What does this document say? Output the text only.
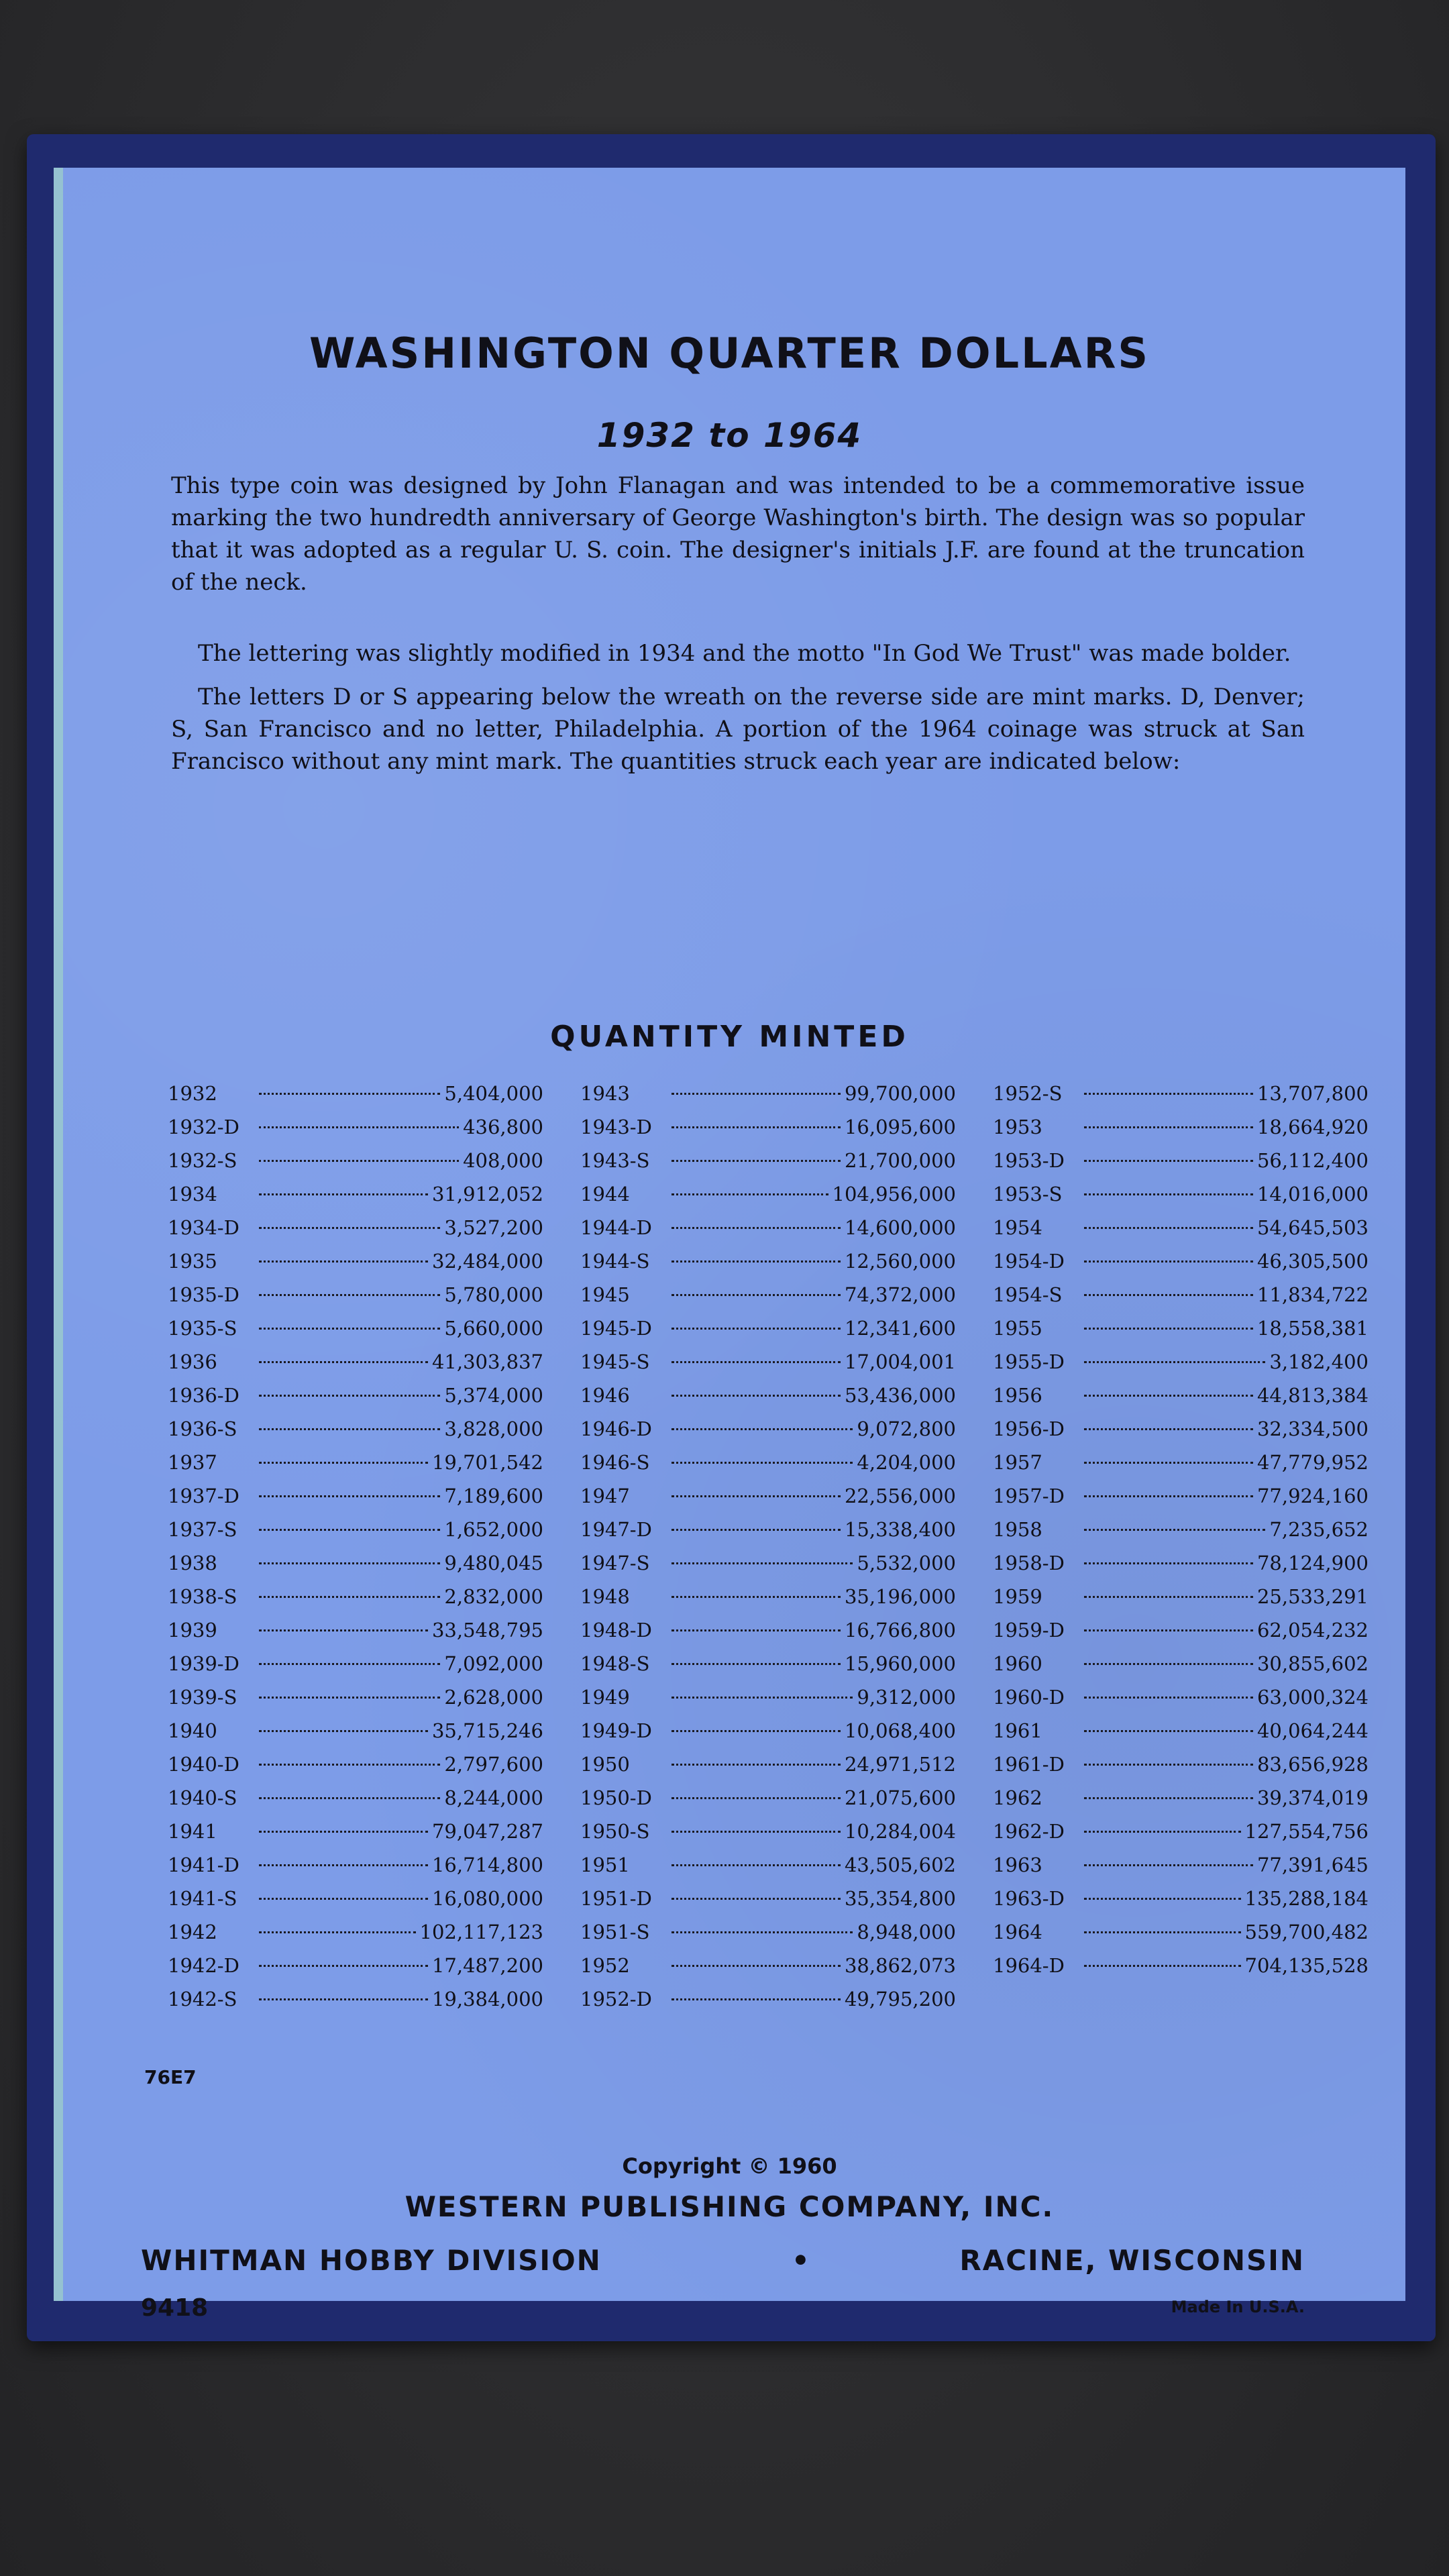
WASHINGTON QUARTER DOLLARS
1932 to 1964

This type coin was designed by John Flanagan and was intended to be a commemorative issue marking the two hundredth anniversary of George Washington's birth. The design was so popular that it was adopted as a regular U. S. coin. The designer's initials J.F. are found at the truncation of the neck.

The lettering was slightly modified in 1934 and the motto "In God We Trust" was made bolder.

The letters D or S appearing below the wreath on the reverse side are mint marks. D, Denver; S, San Francisco and no letter, Philadelphia. A portion of the 1964 coinage was struck at San Francisco without any mint mark. The quantities struck each year are indicated below:

QUANTITY MINTED
1932	5,404,000
1932-D	436,800
1932-S	408,000
1934	31,912,052
1934-D	3,527,200
1935	32,484,000
1935-D	5,780,000
1935-S	5,660,000
1936	41,303,837
1936-D	5,374,000
1936-S	3,828,000
1937	19,701,542
1937-D	7,189,600
1937-S	1,652,000
1938	9,480,045
1938-S	2,832,000
1939	33,548,795
1939-D	7,092,000
1939-S	2,628,000
1940	35,715,246
1940-D	2,797,600
1940-S	8,244,000
1941	79,047,287
1941-D	16,714,800
1941-S	16,080,000
1942	102,117,123
1942-D	17,487,200
1942-S	19,384,000
1943	99,700,000
1943-D	16,095,600
1943-S	21,700,000
1944	104,956,000
1944-D	14,600,000
1944-S	12,560,000
1945	74,372,000
1945-D	12,341,600
1945-S	17,004,001
1946	53,436,000
1946-D	9,072,800
1946-S	4,204,000
1947	22,556,000
1947-D	15,338,400
1947-S	5,532,000
1948	35,196,000
1948-D	16,766,800
1948-S	15,960,000
1949	9,312,000
1949-D	10,068,400
1950	24,971,512
1950-D	21,075,600
1950-S	10,284,004
1951	43,505,602
1951-D	35,354,800
1951-S	8,948,000
1952	38,862,073
1952-D	49,795,200
1952-S	13,707,800
1953	18,664,920
1953-D	56,112,400
1953-S	14,016,000
1954	54,645,503
1954-D	46,305,500
1954-S	11,834,722
1955	18,558,381
1955-D	3,182,400
1956	44,813,384
1956-D	32,334,500
1957	47,779,952
1957-D	77,924,160
1958	7,235,652
1958-D	78,124,900
1959	25,533,291
1959-D	62,054,232
1960	30,855,602
1960-D	63,000,324
1961	40,064,244
1961-D	83,656,928
1962	39,374,019
1962-D	127,554,756
1963	77,391,645
1963-D	135,288,184
1964	559,700,482
1964-D	704,135,528
76E7
Copyright © 1960
WESTERN PUBLISHING COMPANY, INC.
WHITMAN HOBBY DIVISION	•	RACINE, WISCONSIN
9418	Made In U.S.A.
